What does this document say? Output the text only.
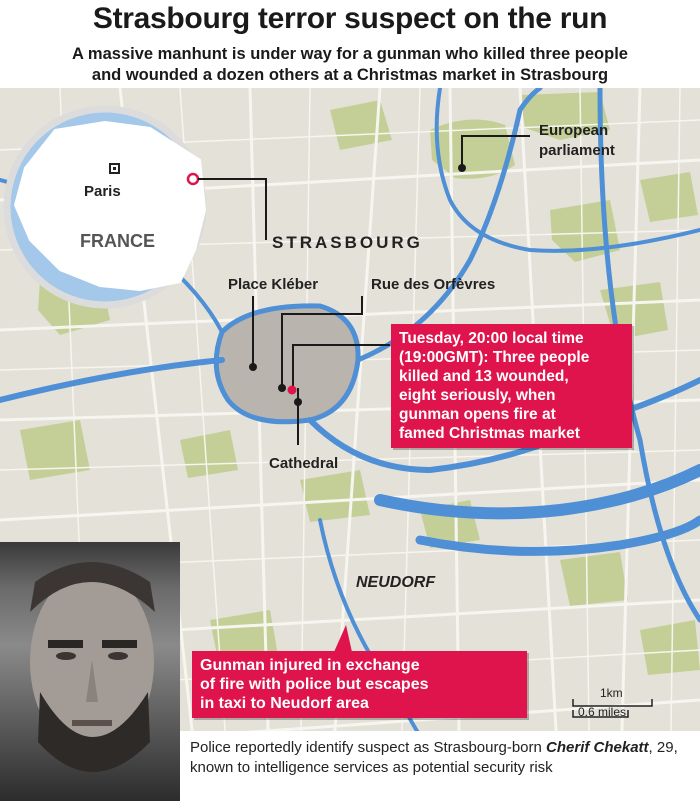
Strasbourg terror suspect on the run
A massive manhunt is under way for a gunman who killed three people
and wounded a dozen others at a Christmas market in Strasbourg
Paris
FRANCE	STRASBOURG
European
parliament
Place Kléber	Rue des Orfèvres
Cathedral
NEUDORF
Tuesday, 20:00 local time
(19:00GMT): Three people
killed and 13 wounded,
eight seriously, when
gunman opens fire at
famed Christmas market
Gunman injured in exchange
of fire with police but escapes
in taxi to Neudorf area
1km
0.6 miles
Police reportedly identify suspect as Strasbourg-born Cherif Chekatt, 29, known to intelligence services as potential security risk
